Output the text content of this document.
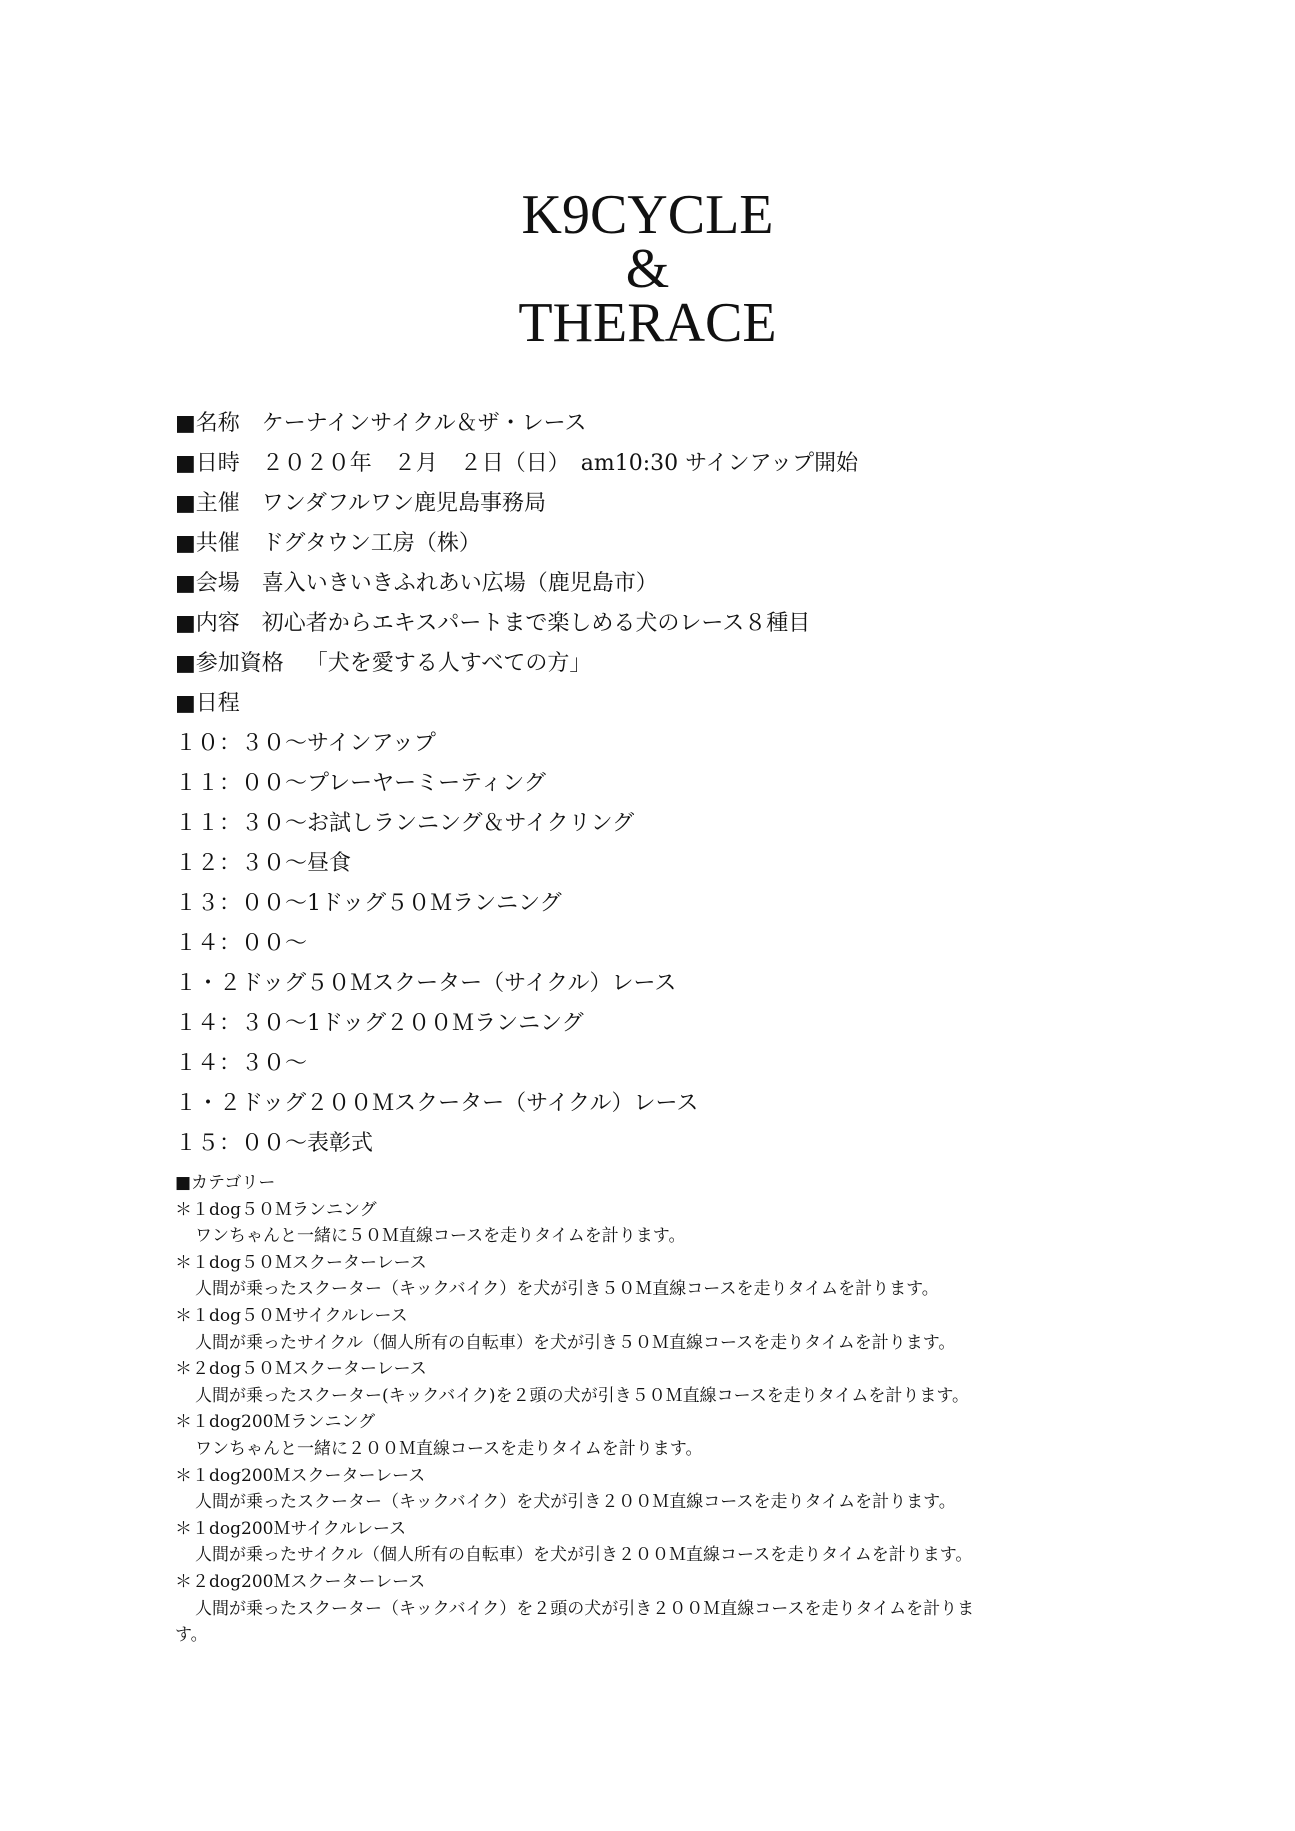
K9CYCLE
&
THERACE
■名称 ケーナインサイクル＆ザ・レース
■日時 ２０２０年　２月　２日（日）　am10:30 サインアップ開始
■主催 ワンダフルワン鹿児島事務局
■共催 ドグタウン工房（株）
■会場 喜入いきいきふれあい広場（鹿児島市）
■内容 初心者からエキスパートまで楽しめる犬のレース８種目
■参加資格 「犬を愛する人すべての方」
■日程
１０：３０～サインアップ
１１：００～プレーヤーミーティング
１１：３０～お試しランニング＆サイクリング
１２：３０～昼食
１３：００～1ドッグ５０Ｍランニング
１４：００～
１・２ドッグ５０Ｍスクーター（サイクル）レース
１４：３０～1ドッグ２００Ｍランニング
１４：３０～
１・２ドッグ２００Ｍスクーター（サイクル）レース
１５：００～表彰式
■カテゴリー
＊１dog５０Ｍランニング
ワンちゃんと一緒に５０Ｍ直線コースを走りタイムを計ります。
＊１dog５０Ｍスクーターレース
人間が乗ったスクーター（キックバイク）を犬が引き５０Ｍ直線コースを走りタイムを計ります。
＊１dog５０Ｍサイクルレース
人間が乗ったサイクル（個人所有の自転車）を犬が引き５０Ｍ直線コースを走りタイムを計ります。
＊２dog５０Ｍスクーターレース
人間が乗ったスクーター(キックバイク)を２頭の犬が引き５０Ｍ直線コースを走りタイムを計ります。
＊１dog200Ｍランニング
ワンちゃんと一緒に２００Ｍ直線コースを走りタイムを計ります。
＊１dog200Ｍスクーターレース
人間が乗ったスクーター（キックバイク）を犬が引き２００Ｍ直線コースを走りタイムを計ります。
＊１dog200Ｍサイクルレース
人間が乗ったサイクル（個人所有の自転車）を犬が引き２００Ｍ直線コースを走りタイムを計ります。
＊２dog200Ｍスクーターレース
人間が乗ったスクーター（キックバイク）を２頭の犬が引き２００Ｍ直線コースを走りタイムを計りま
す。
